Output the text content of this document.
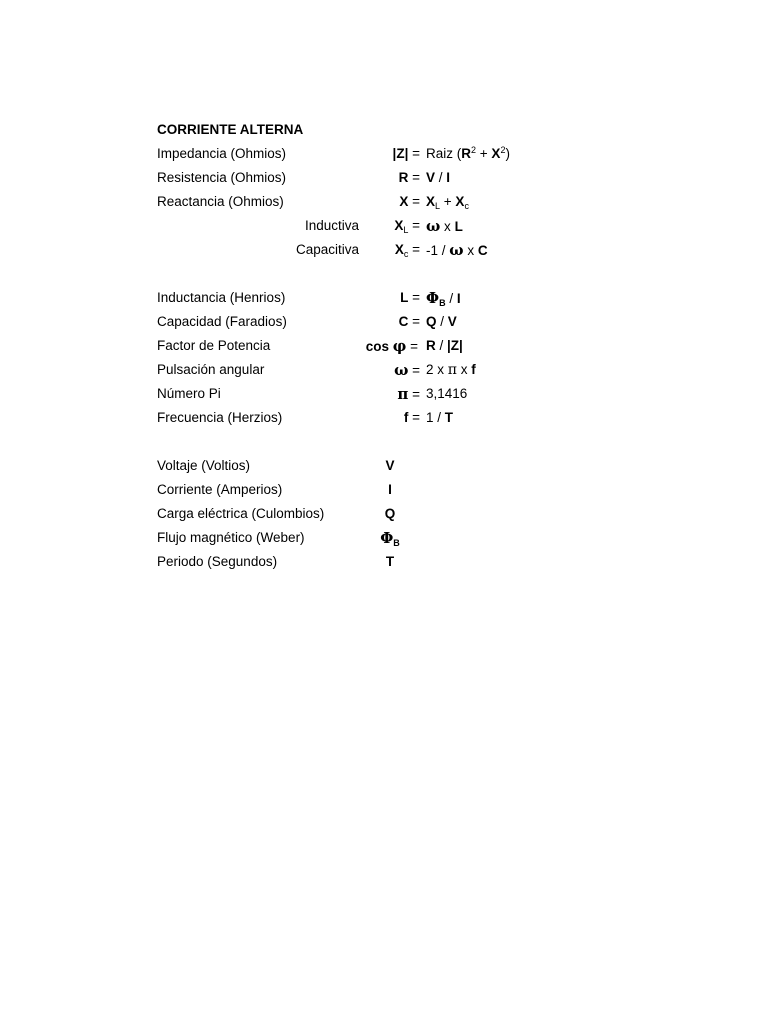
CORRIENTE ALTERNA
Impedancia (Ohmios)	|Z| = Raiz $(R^2 + X^2)$
Resistencia (Ohmios)	R = V / I
Reactancia (Ohmios)	$X = X_L + X_c$
Inductiva	$X_L = \omega$ x L
Capacitiva	$X_c = -1 / \omega$ x C
Inductancia (Henrios)	$L = \Phi_B / I$
Capacidad (Faradios)	C = Q / V
Factor de Potencia	cos φ = R / |Z|
Pulsación angular	ω = 2 x π x f
Número Pi	π = 3,1416
Frecuencia (Herzios)	f = 1 / T
Voltaje (Voltios)	V
Corriente (Amperios)	I
Carga eléctrica (Culombios)	Q
Flujo magnético (Weber)	$\Phi_B$
Periodo (Segundos)	T
